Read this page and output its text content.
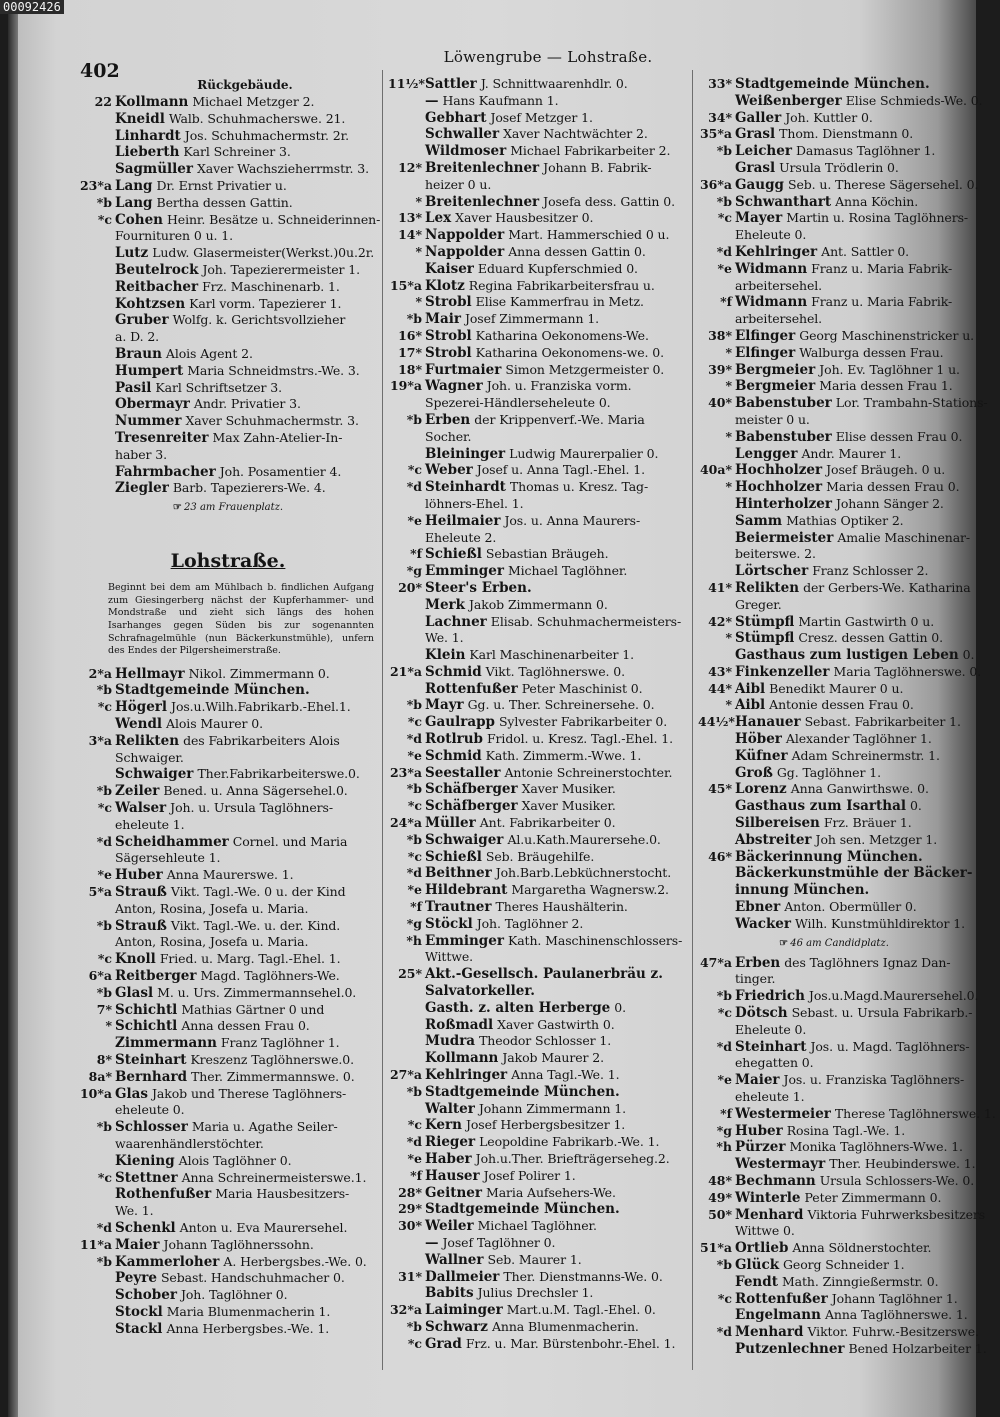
402
Löwengrube — Lohstraße.
Rückgebäude.
22 Kollmann Michael Metzger 2.
Kneidl Walb. Schuhmacherswe. 21.
Linhardt Jos. Schuhmachermstr. 2r.
Lieberth Karl Schreiner 3.
Sagmüller Xaver Wachszieherrmstr. 3.
23*a Lang Dr. Ernst Privatier u.
*b Lang Bertha dessen Gattin.
*c Cohen Heinr. Besätze u. Schneiderinnen-
Fournituren 0 u. 1.
Lutz Ludw. Glasermeister(Werkst.)0u.2r.
Beutelrock Joh. Tapezierermeister 1.
Reitbacher Frz. Maschinenarb. 1.
Kohtzsen Karl vorm. Tapezierer 1.
Gruber Wolfg. k. Gerichtsvollzieher
a. D. 2.
Braun Alois Agent 2.
Humpert Maria Schneidmstrs.-We. 3.
Pasil Karl Schriftsetzer 3.
Obermayr Andr. Privatier 3.
Nummer Xaver Schuhmachermstr. 3.
Tresenreiter Max Zahn-Atelier-In-
haber 3.
Fahrmbacher Joh. Posamentier 4.
Ziegler Barb. Tapezierers-We. 4.
☞ 23 am Frauenplatz.
Lohstraße.
Beginnt bei dem am Mühlbach b. findlichen Aufgang zum Giesingerberg nächst der Kupferhammer- und Mondstraße und zieht sich längs des hohen Isarhanges gegen Süden bis zur sogenannten Schrafnagelmühle (nun Bäckerkunstmühle), unfern des Endes der Pilgersheimerstraße.
2*a Hellmayr Nikol. Zimmermann 0.
*b Stadtgemeinde München.
*c Högerl Jos.u.Wilh.Fabrikarb.-Ehel.1.
Wendl Alois Maurer 0.
3*a Relikten des Fabrikarbeiters Alois
Schwaiger.
Schwaiger Ther.Fabrikarbeiterswe.0.
*b Zeiler Bened. u. Anna Sägersehel.0.
*c Walser Joh. u. Ursula Taglöhners-
eheleute 1.
*d Scheidhammer Cornel. und Maria
Sägersehleute 1.
*e Huber Anna Maurerswe. 1.
5*a Strauß Vikt. Tagl.-We. 0 u. der Kind
Anton, Rosina, Josefa u. Maria.
*b Strauß Vikt. Tagl.-We. u. der. Kind.
Anton, Rosina, Josefa u. Maria.
*c Knoll Fried. u. Marg. Tagl.-Ehel. 1.
6*a Reitberger Magd. Taglöhners-We.
*b Glasl M. u. Urs. Zimmermannsehel.0.
7* Schichtl Mathias Gärtner 0 und
* Schichtl Anna dessen Frau 0.
Zimmermann Franz Taglöhner 1.
8* Steinhart Kreszenz Taglöhnerswe.0.
8a* Bernhard Ther. Zimmermannswe. 0.
10*a Glas Jakob und Therese Taglöhners-
eheleute 0.
*b Schlosser Maria u. Agathe Seiler-
waarenhändlerstöchter.
Kiening Alois Taglöhner 0.
*c Stettner Anna Schreinermeisterswe.1.
Rothenfußer Maria Hausbesitzers-
We. 1.
*d Schenkl Anton u. Eva Maurersehel.
11*a Maier Johann Taglöhnerssohn.
*b Kammerloher A. Herbergsbes.-We. 0.
Peyre Sebast. Handschuhmacher 0.
Schober Joh. Taglöhner 0.
Stockl Maria Blumenmacherin 1.
Stackl Anna Herbergsbes.-We. 1.
11½* Sattler J. Schnittwaarenhdlr. 0.
— Hans Kaufmann 1.
Gebhart Josef Metzger 1.
Schwaller Xaver Nachtwächter 2.
Wildmoser Michael Fabrikarbeiter 2.
12* Breitenlechner Johann B. Fabrik-
heizer 0 u.
* Breitenlechner Josefa dess. Gattin 0.
13* Lex Xaver Hausbesitzer 0.
14* Nappolder Mart. Hammerschied 0 u.
* Nappolder Anna dessen Gattin 0.
Kaiser Eduard Kupferschmied 0.
15*a Klotz Regina Fabrikarbeitersfrau u.
* Strobl Elise Kammerfrau in Metz.
*b Mair Josef Zimmermann 1.
16* Strobl Katharina Oekonomens-We.
17* Strobl Katharina Oekonomens-we. 0.
18* Furtmaier Simon Metzgermeister 0.
19*a Wagner Joh. u. Franziska vorm.
Spezerei-Händlerseheleute 0.
*b Erben der Krippenverf.-We. Maria
Socher.
Bleininger Ludwig Maurerpalier 0.
*c Weber Josef u. Anna Tagl.-Ehel. 1.
*d Steinhardt Thomas u. Kresz. Tag-
löhners-Ehel. 1.
*e Heilmaier Jos. u. Anna Maurers-
Eheleute 2.
*f Schießl Sebastian Bräugeh.
*g Emminger Michael Taglöhner.
20* Steer's Erben.
Merk Jakob Zimmermann 0.
Lachner Elisab. Schuhmachermeisters-
We. 1.
Klein Karl Maschinenarbeiter 1.
21*a Schmid Vikt. Taglöhnerswe. 0.
Rottenfußer Peter Maschinist 0.
*b Mayr Gg. u. Ther. Schreinersehe. 0.
*c Gaulrapp Sylvester Fabrikarbeiter 0.
*d Rotlrub Fridol. u. Kresz. Tagl.-Ehel. 1.
*e Schmid Kath. Zimmerm.-Wwe. 1.
23*a Seestaller Antonie Schreinerstochter.
*b Schäfberger Xaver Musiker.
*c Schäfberger Xaver Musiker.
24*a Müller Ant. Fabrikarbeiter 0.
*b Schwaiger Al.u.Kath.Maurersehe.0.
*c Schießl Seb. Bräugehilfe.
*d Beithner Joh.Barb.Lebküchnerstocht.
*e Hildebrant Margaretha Wagnersw.2.
*f Trautner Theres Haushälterin.
*g Stöckl Joh. Taglöhner 2.
*h Emminger Kath. Maschinenschlossers-
Wittwe.
25* Akt.-Gesellsch. Paulanerbräu z.
Salvatorkeller.
Gasth. z. alten Herberge 0.
Roßmadl Xaver Gastwirth 0.
Mudra Theodor Schlosser 1.
Kollmann Jakob Maurer 2.
27*a Kehlringer Anna Tagl.-We. 1.
*b Stadtgemeinde München.
Walter Johann Zimmermann 1.
*c Kern Josef Herbergsbesitzer 1.
*d Rieger Leopoldine Fabrikarb.-We. 1.
*e Haber Joh.u.Ther. Briefträgerseheg.2.
*f Hauser Josef Polirer 1.
28* Geitner Maria Aufsehers-We.
29* Stadtgemeinde München.
30* Weiler Michael Taglöhner.
— Josef Taglöhner 0.
Wallner Seb. Maurer 1.
31* Dallmeier Ther. Dienstmanns-We. 0.
Babits Julius Drechsler 1.
32*a Laiminger Mart.u.M. Tagl.-Ehel. 0.
*b Schwarz Anna Blumenmacherin.
*c Grad Frz. u. Mar. Bürstenbohr.-Ehel. 1.
33* Stadtgemeinde München.
Weißenberger Elise Schmieds-We. 0.
34* Galler Joh. Kuttler 0.
35*a Grasl Thom. Dienstmann 0.
*b Leicher Damasus Taglöhner 1.
Grasl Ursula Trödlerin 0.
36*a Gaugg Seb. u. Therese Sägersehel. 0.
*b Schwanthart Anna Köchin.
*c Mayer Martin u. Rosina Taglöhners-
Eheleute 0.
*d Kehlringer Ant. Sattler 0.
*e Widmann Franz u. Maria Fabrik-
arbeitersehel.
*f Widmann Franz u. Maria Fabrik-
arbeitersehel.
38* Elfinger Georg Maschinenstricker u.
* Elfinger Walburga dessen Frau.
39* Bergmeier Joh. Ev. Taglöhner 1 u.
* Bergmeier Maria dessen Frau 1.
40* Babenstuber Lor. Trambahn-Stations-
meister 0 u.
* Babenstuber Elise dessen Frau 0.
Lengger Andr. Maurer 1.
40a* Hochholzer Josef Bräugeh. 0 u.
* Hochholzer Maria dessen Frau 0.
Hinterholzer Johann Sänger 2.
Samm Mathias Optiker 2.
Beiermeister Amalie Maschinenar-
beiterswe. 2.
Lörtscher Franz Schlosser 2.
41* Relikten der Gerbers-We. Katharina
Greger.
42* Stümpfl Martin Gastwirth 0 u.
* Stümpfl Cresz. dessen Gattin 0.
Gasthaus zum lustigen Leben 0.
43* Finkenzeller Maria Taglöhnerswe. 0.
44* Aibl Benedikt Maurer 0 u.
* Aibl Antonie dessen Frau 0.
44½* Hanauer Sebast. Fabrikarbeiter 1.
Höber Alexander Taglöhner 1.
Küfner Adam Schreinermstr. 1.
Groß Gg. Taglöhner 1.
45* Lorenz Anna Ganwirthswe. 0.
Gasthaus zum Isarthal 0.
Silbereisen Frz. Bräuer 1.
Abstreiter Joh sen. Metzger 1.
46* Bäckerinnung München.
Bäckerkunstmühle der Bäcker-
innung München.
Ebner Anton. Obermüller 0.
Wacker Wilh. Kunstmühldirektor 1.
☞ 46 am Candidplatz.
47*a Erben des Taglöhners Ignaz Dan-
tinger.
*b Friedrich Jos.u.Magd.Maurersehel.0.
*c Dötsch Sebast. u. Ursula Fabrikarb.-
Eheleute 0.
*d Steinhart Jos. u. Magd. Taglöhners-
ehegatten 0.
*e Maier Jos. u. Franziska Taglöhners-
eheleute 1.
*f Westermeier Therese Taglöhnerswe. 1.
*g Huber Rosina Tagl.-We. 1.
*h Pürzer Monika Taglöhners-Wwe. 1.
Westermayr Ther. Heubinderswe. 1.
48* Bechmann Ursula Schlossers-We. 0.
49* Winterle Peter Zimmermann 0.
50* Menhard Viktoria Fuhrwerksbesitzers
Wittwe 0.
51*a Ortlieb Anna Söldnerstochter.
*b Glück Georg Schneider 1.
Fendt Math. Zinngießermstr. 0.
*c Rottenfußer Johann Taglöhner 1.
Engelmann Anna Taglöhnerswe. 1.
*d Menhard Viktor. Fuhrw.-Besitzerswe.
Putzenlechner Bened Holzarbeiter 1.
00092426
